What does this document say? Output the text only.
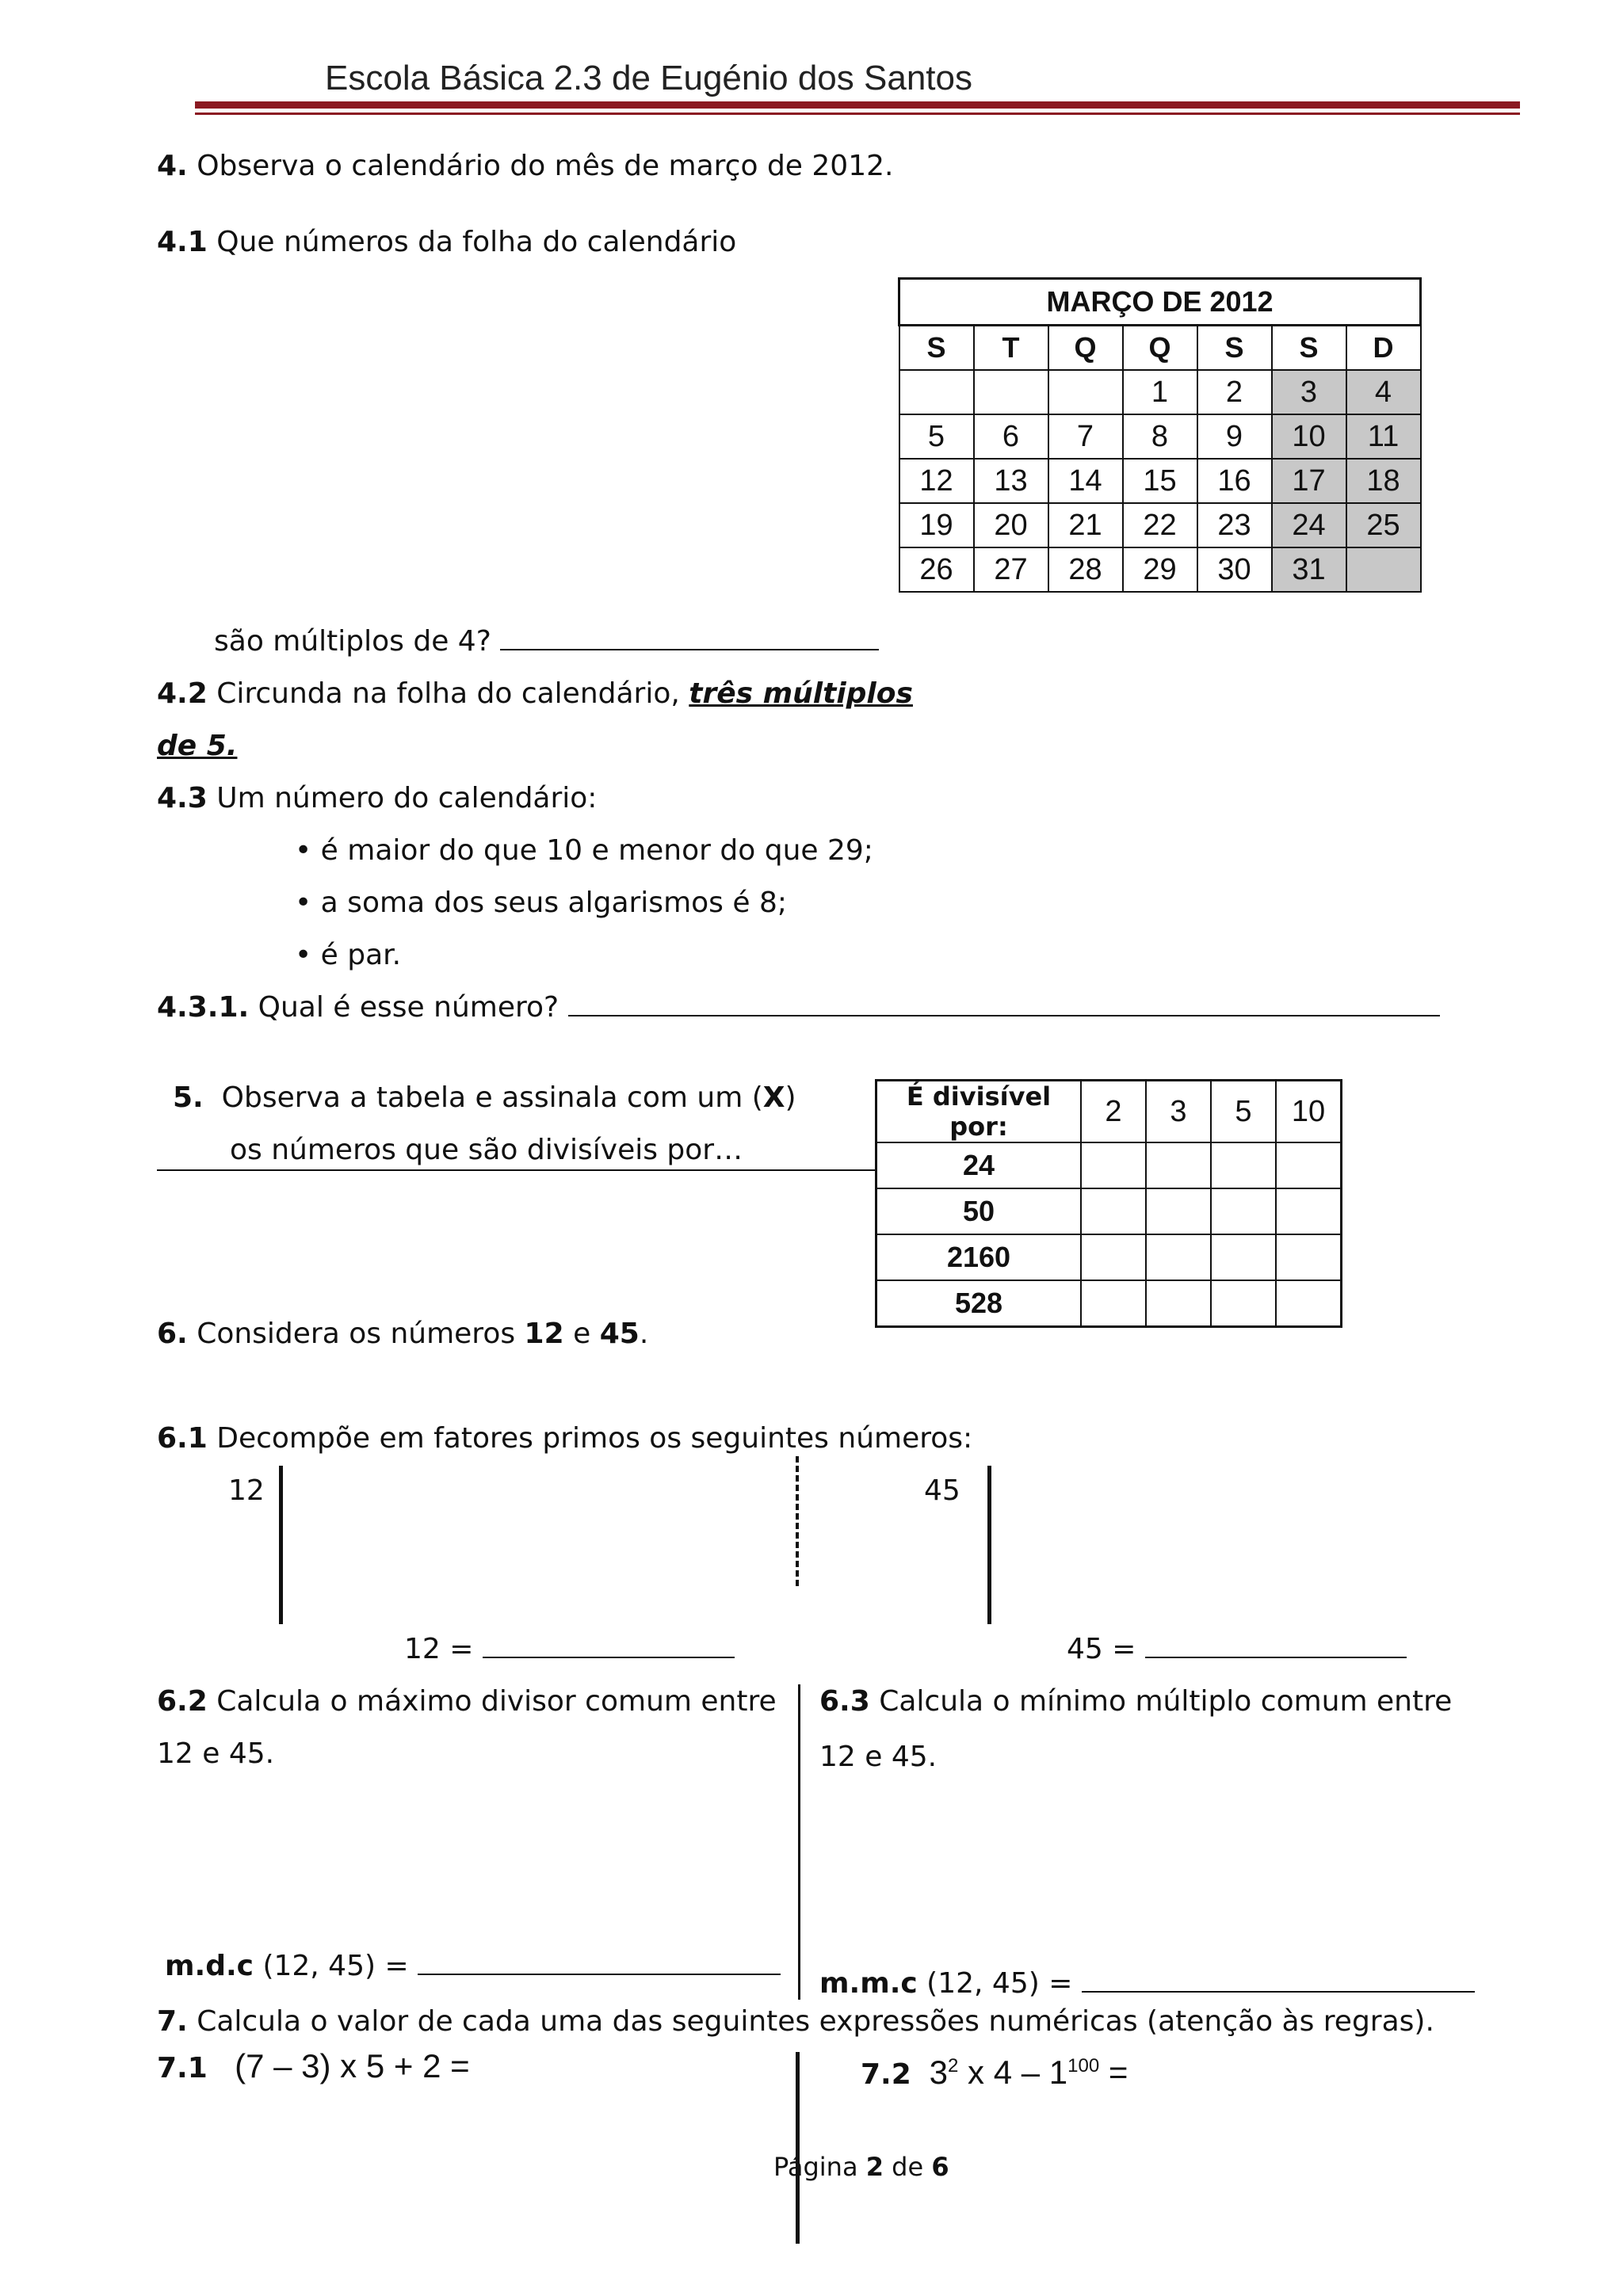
Escola Básica 2.3 de Eugénio dos Santos
4. Observa o calendário do mês de março de 2012.
4.1 Que números da folha do calendário
MARÇO DE 2012						
S	T	Q	Q	S	S	D
			1	2	3	4
5	6	7	8	9	10	11
12	13	14	15	16	17	18
19	20	21	22	23	24	25
26	27	28	29	30	31	
são múltiplos de 4?
4.2 Circunda na folha do calendário, três múltiplos
de 5.
4.3 Um número do calendário:
• é maior do que 10 e menor do que 29;
• a soma dos seus algarismos é 8;
• é par.
4.3.1. Qual é esse número?
5. Observa a tabela e assinala com um (X)
os números que são divisíveis por…
É divisível por:	2	3	5	10
24				
50				
2160				
528				
6. Considera os números 12 e 45.
6.1 Decompõe em fatores primos os seguintes números:
12	45
12 =	45 =
6.2 Calcula o máximo divisor comum entre
12 e 45.
6.3 Calcula o mínimo múltiplo comum entre
12 e 45.
m.d.c (12, 45) =
m.m.c (12, 45) =
7. Calcula o valor de cada uma das seguintes expressões numéricas (atenção às regras).
7.1 (7 – 3) x 5 + 2 =	7.2 $3^2$ x $4 - 1^{100}$ =
Página 2 de 6
